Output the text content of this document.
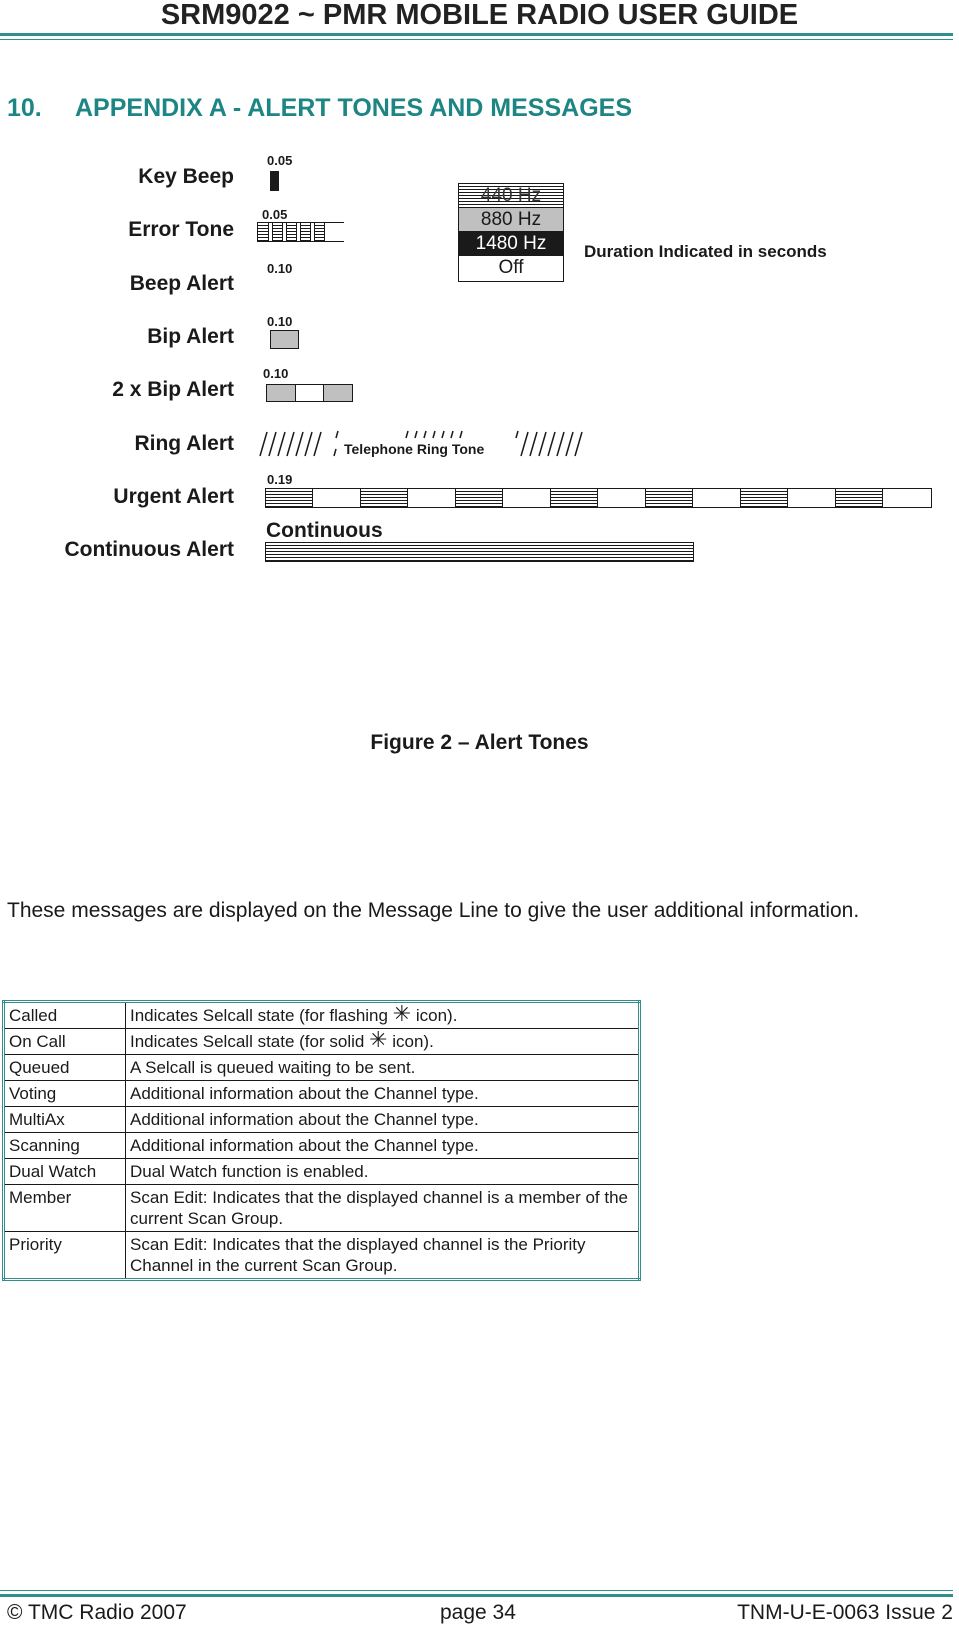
SRM9022 ~ PMR MOBILE RADIO USER GUIDE
10. APPENDIX A - ALERT TONES AND MESSAGES
Key Beep
Error Tone
Beep Alert
Bip Alert
2 x Bip Alert
Ring Alert
Urgent Alert
Continuous Alert
0.05
0.05
0.10
0.10
0.10
0.19
Continuous
Telephone Ring Tone
440 Hz
880 Hz
1480 Hz
Off
Duration Indicated in seconds
Figure 2 – Alert Tones
These messages are displayed on the Message Line to give the user additional information.
Called	Indicates Selcall state (for flashing ✳ icon).
On Call	Indicates Selcall state (for solid ✳ icon).
Queued	A Selcall is queued waiting to be sent.
Voting	Additional information about the Channel type.
MultiAx	Additional information about the Channel type.
Scanning	Additional information about the Channel type.
Dual Watch	Dual Watch function is enabled.
Member	Scan Edit: Indicates that the displayed channel is a member of the current Scan Group.
Priority	Scan Edit: Indicates that the displayed channel is the Priority Channel in the current Scan Group.
© TMC Radio 2007	page 34	TNM-U-E-0063 Issue 2
